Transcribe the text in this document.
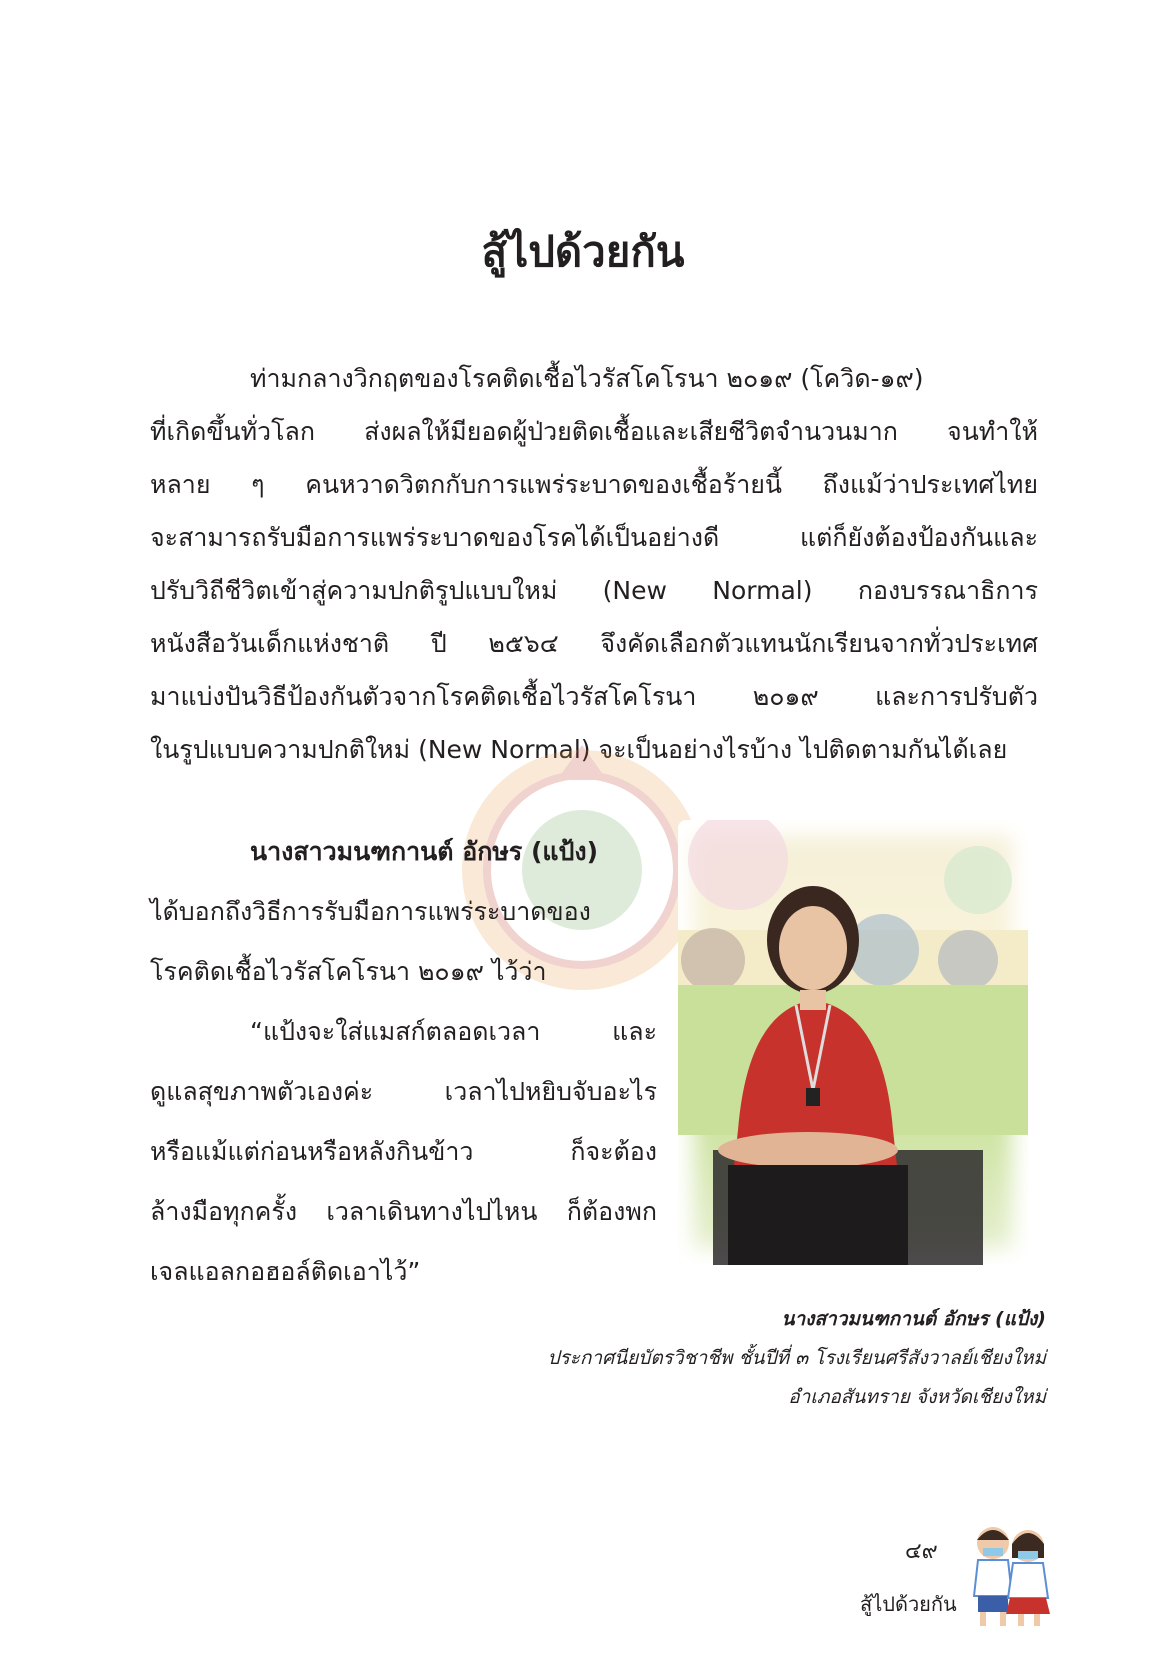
สู้ไปด้วยกัน
ท่ามกลางวิกฤตของโรคติดเชื้อไวรัสโคโรนา ๒๐๑๙ (โควิด-๑๙)
ที่เกิดขึ้นทั่วโลก ส่งผลให้มียอดผู้ป่วยติดเชื้อและเสียชีวิตจำนวนมาก จนทำให้
หลาย ๆ คนหวาดวิตกกับการแพร่ระบาดของเชื้อร้ายนี้ ถึงแม้ว่าประเทศไทย
จะสามารถรับมือการแพร่ระบาดของโรคได้เป็นอย่างดี แต่ก็ยังต้องป้องกันและ
ปรับวิถีชีวิตเข้าสู่ความปกติรูปแบบใหม่ (New Normal) กองบรรณาธิการ
หนังสือวันเด็กแห่งชาติ ปี ๒๕๖๔ จึงคัดเลือกตัวแทนนักเรียนจากทั่วประเทศ
มาแบ่งปันวิธีป้องกันตัวจากโรคติดเชื้อไวรัสโคโรนา ๒๐๑๙ และการปรับตัว
ในรูปแบบความปกติใหม่ (New Normal) จะเป็นอย่างไรบ้าง ไปติดตามกันได้เลย
นางสาวมนฑกานต์ อักษร (แป้ง)
ได้บอกถึงวิธีการรับมือการแพร่ระบาดของ
โรคติดเชื้อไวรัสโคโรนา ๒๐๑๙ ไว้ว่า
“แป้งจะใส่แมสก์ตลอดเวลา และ
ดูแลสุขภาพตัวเองค่ะ เวลาไปหยิบจับอะไร
หรือแม้แต่ก่อนหรือหลังกินข้าว ก็จะต้อง
ล้างมือทุกครั้ง เวลาเดินทางไปไหน ก็ต้องพก
เจลแอลกอฮอล์ติดเอาไว้”
นางสาวมนฑกานต์ อักษร (แป้ง)
ประกาศนียบัตรวิชาชีพ ชั้นปีที่ ๓ โรงเรียนศรีสังวาลย์เชียงใหม่
อำเภอสันทราย จังหวัดเชียงใหม่
๔๙
สู้ไปด้วยกัน
